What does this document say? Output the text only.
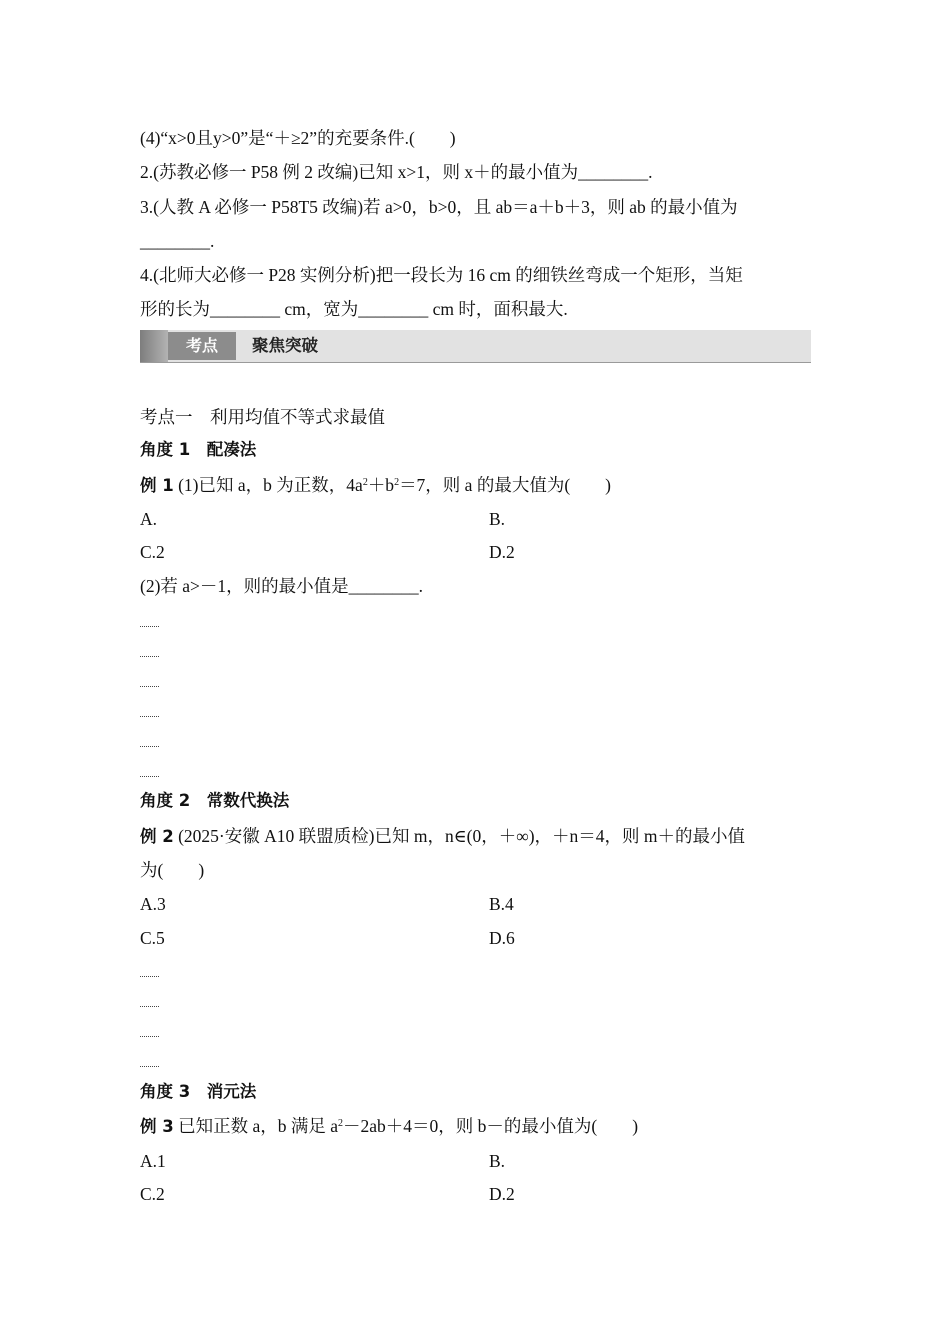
(4)“x>0且y>0”是“＋≥2”的充要条件.(　　)
2.(苏教必修一 P58 例 2 改编)已知 x>1，则 x＋的最小值为________.
3.(人教 A 必修一 P58T5 改编)若 a>0，b>0，且 ab＝a＋b＋3，则 ab 的最小值为
________.
4.(北师大必修一 P28 实例分析)把一段长为 16 cm 的细铁丝弯成一个矩形，当矩
形的长为________ cm，宽为________ cm 时，面积最大.
考点	聚焦突破
考点一　利用均值不等式求最值
角度 1　配凑法
例 1 (1)已知 a，b 为正数，$4a^2+b^2=7$，则 a 的最大值为(　　)
A.	B.
C.2	D.2
(2)若 a>－1，则的最小值是________.
角度 2　常数代换法
例 2 (2025·安徽 A10 联盟质检)已知 m，n∈(0，＋∞)，＋n＝4，则 m＋的最小值
为(　　)
A.3	B.4
C.5	D.6
角度 3　消元法
例 3 已知正数 a，b 满足 $a^2-2ab+4=0$，则 b－的最小值为(　　)
A.1	B.
C.2	D.2
